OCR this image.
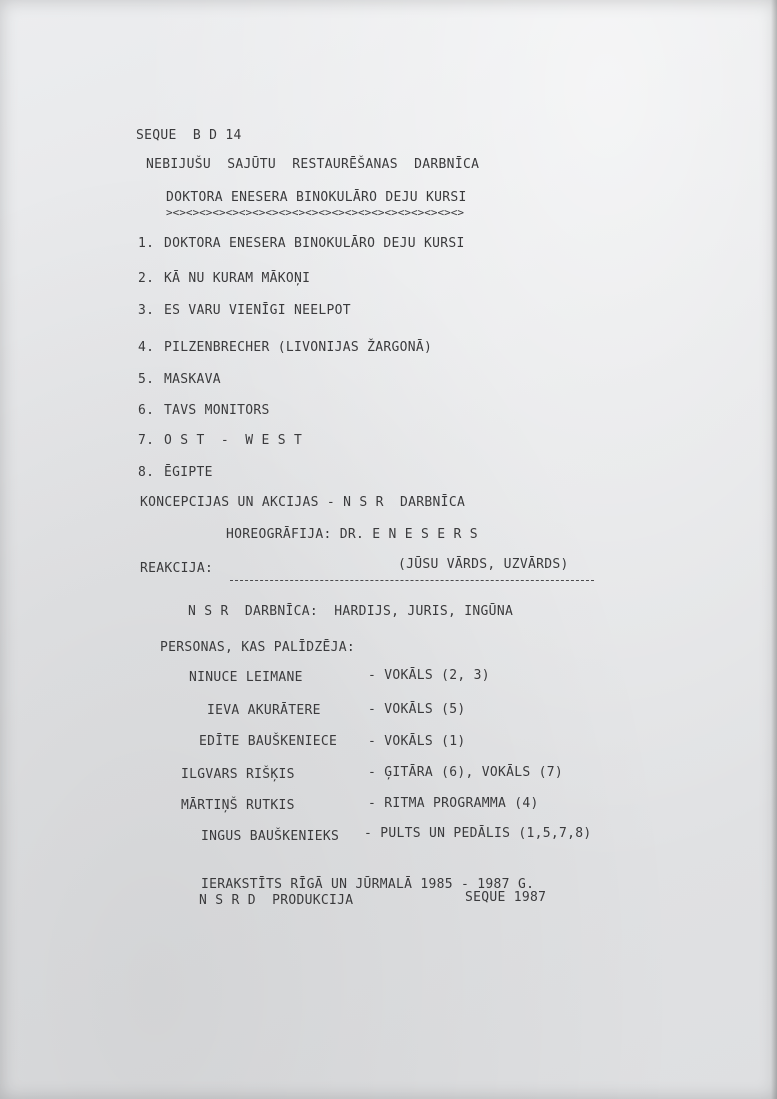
SEQUE  B D 14
NEBIJUŠU  SAJŪTU  RESTAURĒŠANAS  DARBNĪCA
DOKTORA ENESERA BINOKULĀRO DEJU KURSI
><><><><><><><><><><><><><><><><><><><><><><>
1. DOKTORA ENESERA BINOKULĀRO DEJU KURSI
2. KĀ NU KURAM MĀKOŅI
3. ES VARU VIENĪGI NEELPOT
4. PILZENBRECHER (LIVONIJAS ŽARGONĀ)
5. MASKAVA
6. TAVS MONITORS
7. O S T  -  W E S T
8. ĒGIPTE
KONCEPCIJAS UN AKCIJAS - N S R  DARBNĪCA
HOREOGRĀFIJA: DR. E N E S E R S
REAKCIJA:	(JŪSU VĀRDS, UZVĀRDS)
N S R  DARBNĪCA:  HARDIJS, JURIS, INGŪNA
PERSONAS, KAS PALĪDZĒJA:
NINUCE LEIMANE	- VOKĀLS (2, 3)
IEVA AKURĀTERE	- VOKĀLS (5)
EDĪTE BAUŠKENIECE - VOKĀLS (1)
ILGVARS RIŠĶIS	- ĢITĀRA (6), VOKĀLS (7)
MĀRTIŅŠ RUTKIS	- RITMA PROGRAMMA (4)
INGUS BAUŠKENIEKS - PULTS UN PEDĀLIS (1,5,7,8)
IERAKSTĪTS RĪGĀ UN JŪRMALĀ 1985 - 1987 G.
N S R D  PRODUKCIJA	SEQUE 1987
